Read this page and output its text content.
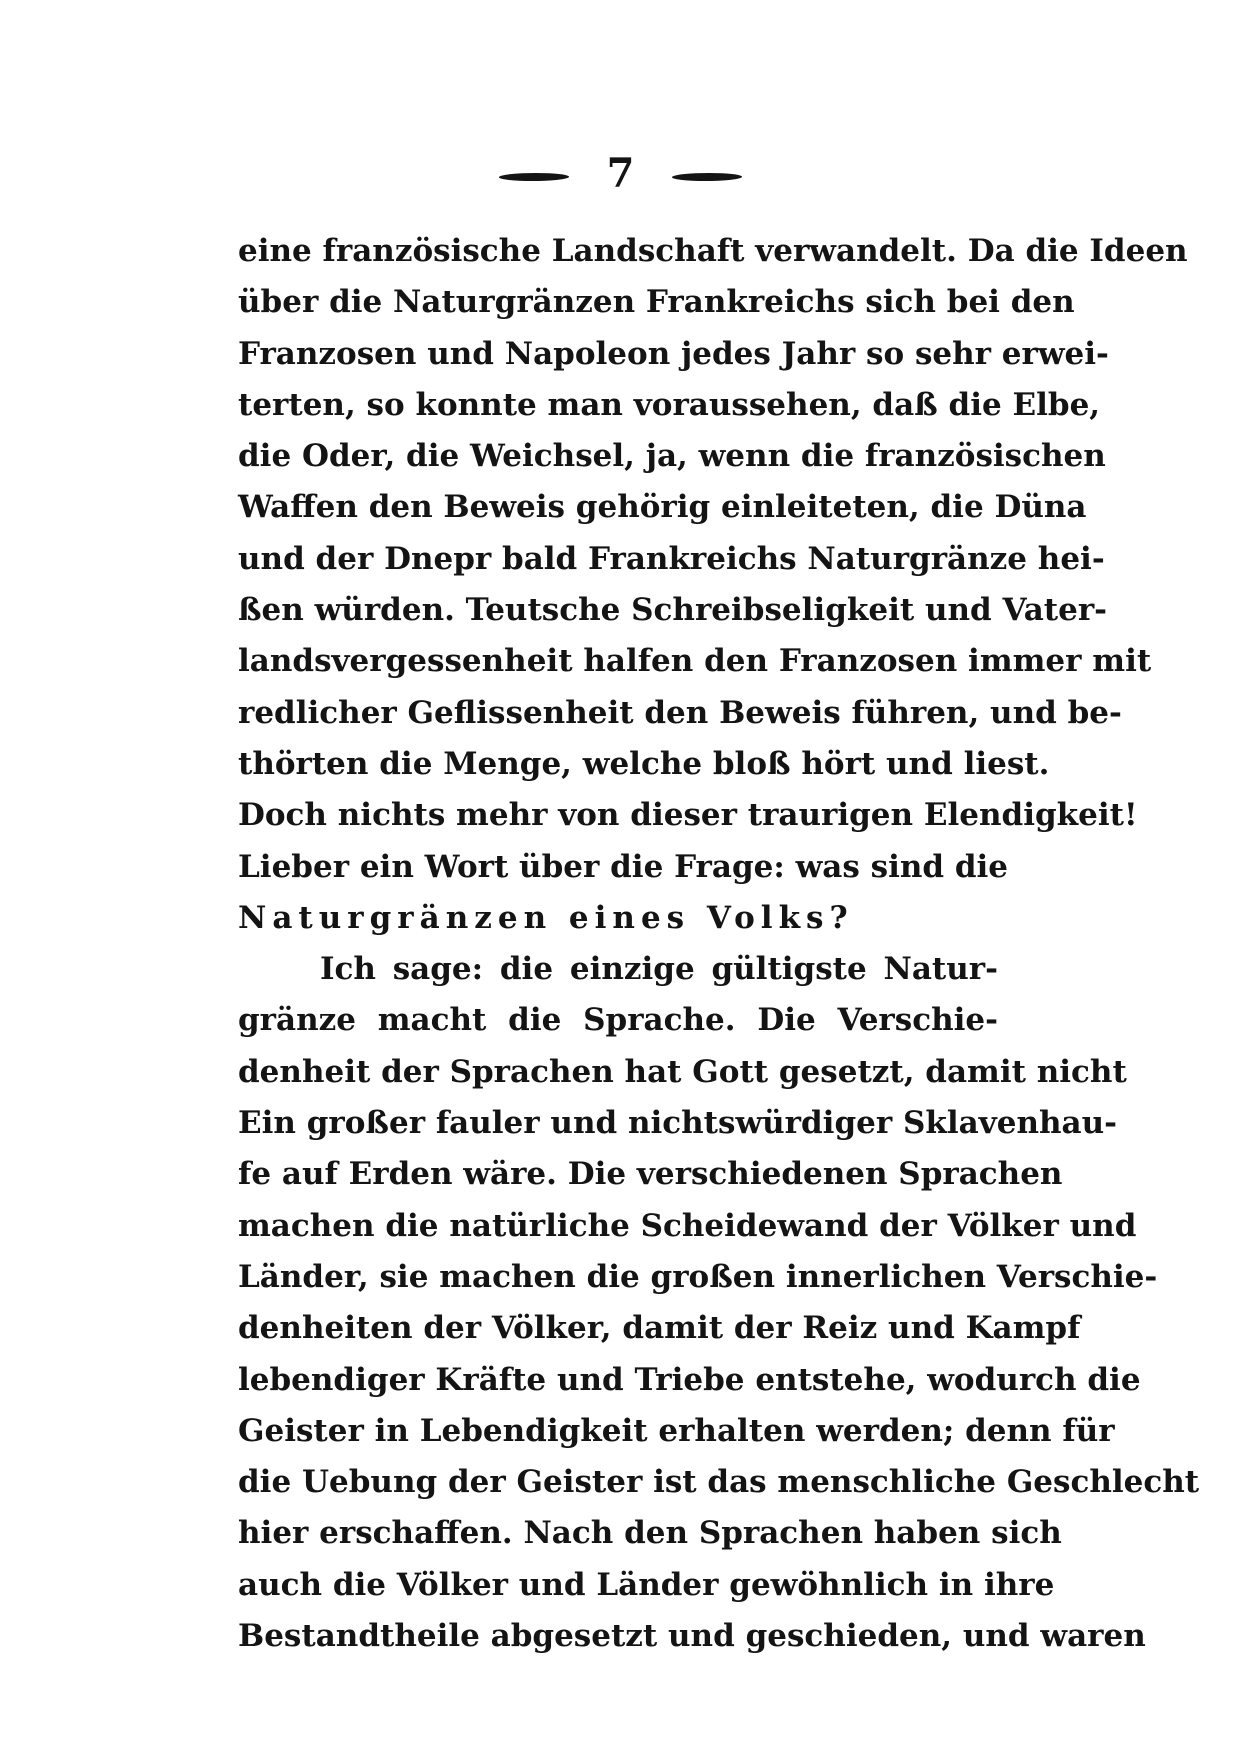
7
eine französische Landschaft verwandelt. Da die Ideen
über die Naturgränzen Frankreichs sich bei den
Franzosen und Napoleon jedes Jahr so sehr erwei-
terten, so konnte man voraussehen, daß die Elbe,
die Oder, die Weichsel, ja, wenn die französischen
Waffen den Beweis gehörig einleiteten, die Düna
und der Dnepr bald Frankreichs Naturgränze hei-
ßen würden. Teutsche Schreibseligkeit und Vater-
landsvergessenheit halfen den Franzosen immer mit
redlicher Geflissenheit den Beweis führen, und be-
thörten die Menge, welche bloß hört und liest.
Doch nichts mehr von dieser traurigen Elendigkeit!
Lieber ein Wort über die Frage: was sind die
Naturgränzen eines Volks?
Ich sage: die einzige gültigste Natur-
gränze macht die Sprache. Die Verschie-
denheit der Sprachen hat Gott gesetzt, damit nicht
Ein großer fauler und nichtswürdiger Sklavenhau-
fe auf Erden wäre. Die verschiedenen Sprachen
machen die natürliche Scheidewand der Völker und
Länder, sie machen die großen innerlichen Verschie-
denheiten der Völker, damit der Reiz und Kampf
lebendiger Kräfte und Triebe entstehe, wodurch die
Geister in Lebendigkeit erhalten werden; denn für
die Uebung der Geister ist das menschliche Geschlecht
hier erschaffen. Nach den Sprachen haben sich
auch die Völker und Länder gewöhnlich in ihre
Bestandtheile abgesetzt und geschieden, und waren
